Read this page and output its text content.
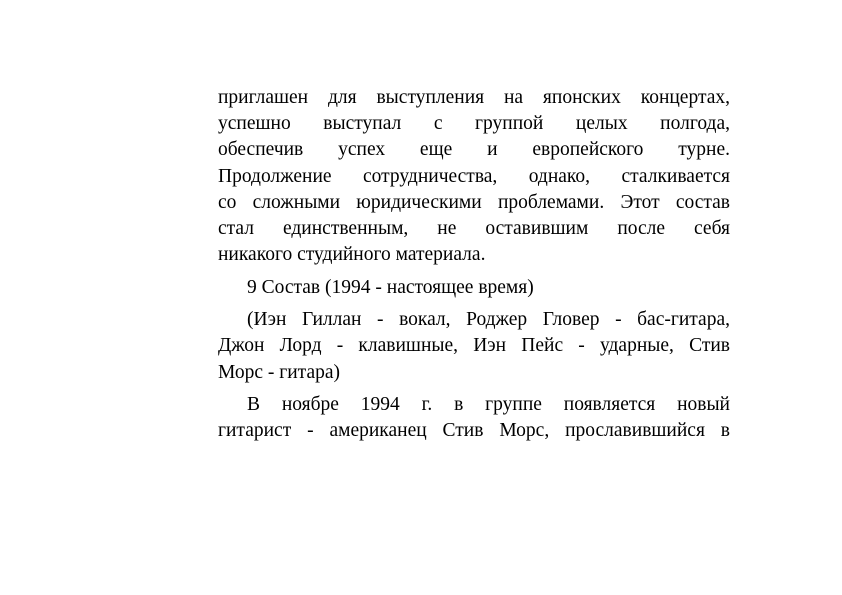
приглашен для выступления на японских концертах,
успешно выступал с группой целых полгода,
обеспечив успех еще и европейского турне.
Продолжение сотрудничества, однако, сталкивается
со сложными юридическими проблемами. Этот состав
стал единственным, не оставившим после себя
никакого студийного материала.

9 Состав (1994 - настоящее время)

(Иэн Гиллан - вокал, Роджер Гловер - бас-гитара,
Джон Лорд - клавишные, Иэн Пейс - ударные, Стив
Морс - гитара)

В ноябре 1994 г. в группе появляется новый
гитарист - американец Стив Морс, прославившийся в
